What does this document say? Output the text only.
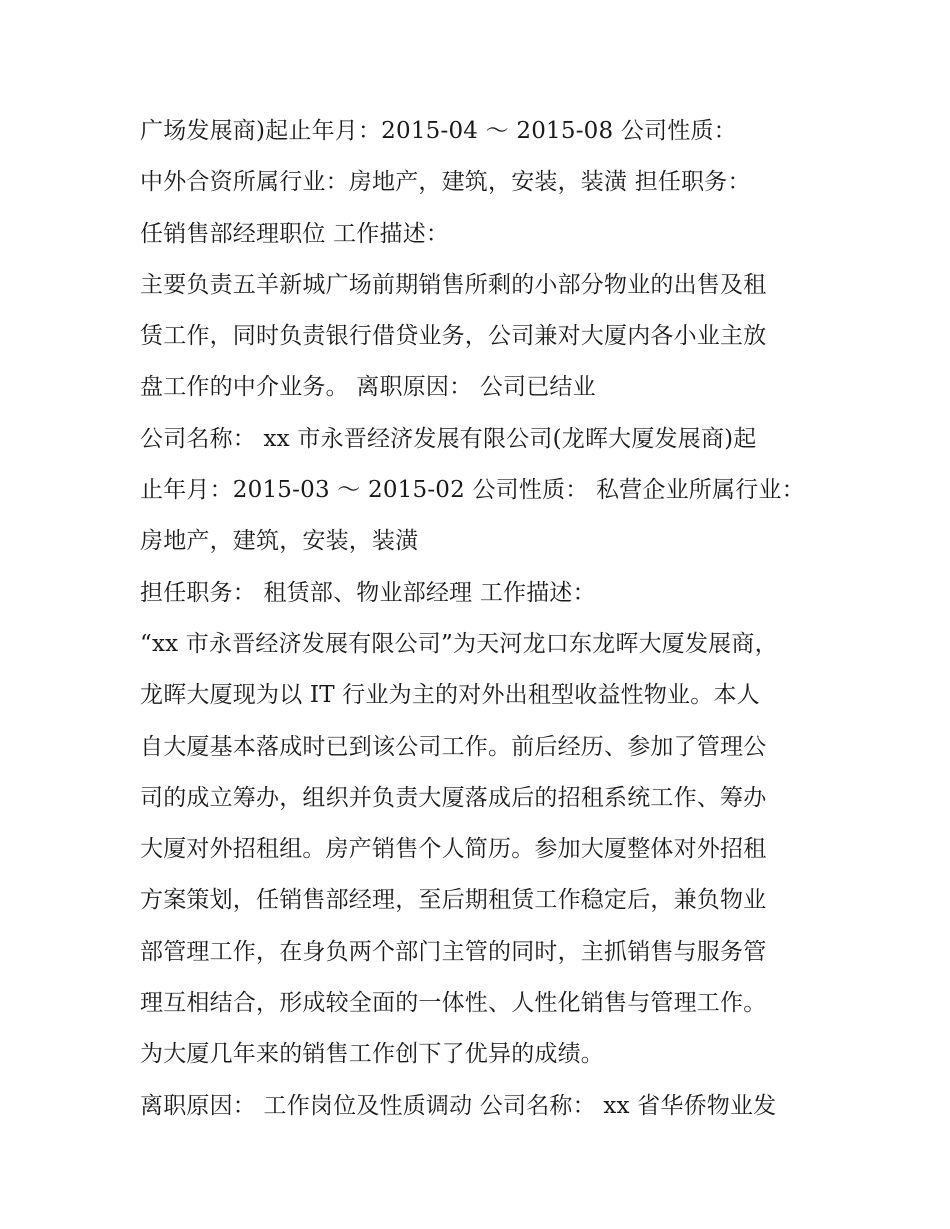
广场发展商)起止年月：2015-04 ～ 2015-08 公司性质：
中外合资所属行业：房地产，建筑，安装，装潢 担任职务：
任销售部经理职位 工作描述：
主要负责五羊新城广场前期销售所剩的小部分物业的出售及租
赁工作，同时负责银行借贷业务，公司兼对大厦内各小业主放
盘工作的中介业务。 离职原因： 公司已结业
公司名称： xx 市永晋经济发展有限公司(龙晖大厦发展商)起
止年月：2015-03 ～ 2015-02 公司性质： 私营企业所属行业：
房地产，建筑，安装，装潢
担任职务： 租赁部、物业部经理 工作描述：
“xx 市永晋经济发展有限公司”为天河龙口东龙晖大厦发展商，
龙晖大厦现为以 IT 行业为主的对外出租型收益性物业。本人
自大厦基本落成时已到该公司工作。前后经历、参加了管理公
司的成立筹办，组织并负责大厦落成后的招租系统工作、筹办
大厦对外招租组。房产销售个人简历。参加大厦整体对外招租
方案策划，任销售部经理，至后期租赁工作稳定后，兼负物业
部管理工作，在身负两个部门主管的同时，主抓销售与服务管
理互相结合，形成较全面的一体性、人性化销售与管理工作。
为大厦几年来的销售工作创下了优异的成绩。
离职原因： 工作岗位及性质调动 公司名称： xx 省华侨物业发
